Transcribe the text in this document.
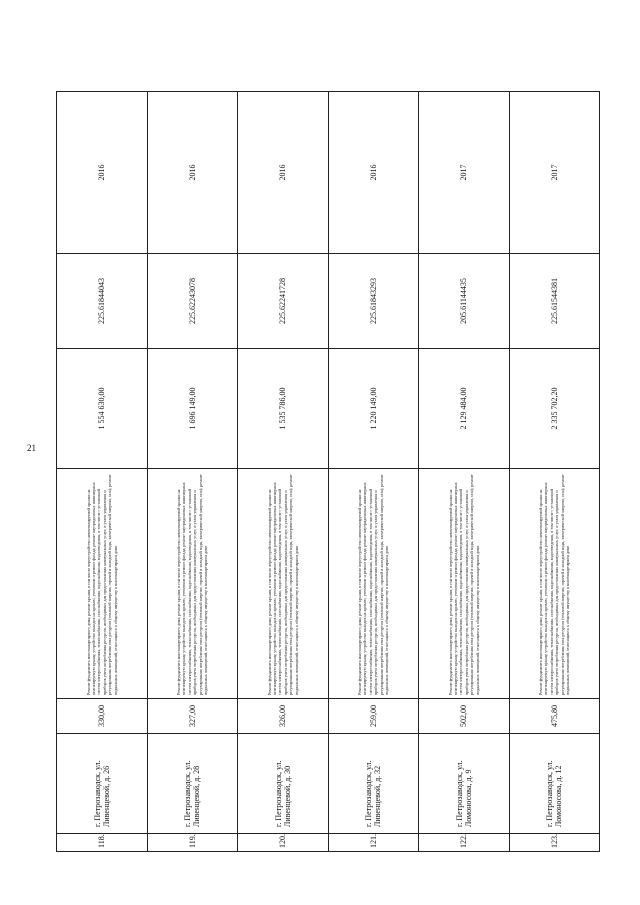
21
118.	г. Петрозаводск, ул. Ливенцевой, д. 26	330,00	Ремонт фундамента многоквартирного дома; ремонт крыши, в том числе переустройство невентилируемой крыши на вентилируемую крышу, устройство выходов на кровлю, утепление и ремонт фасада; ремонт внутридомовых инженерных систем электроснабжения, теплоснабжения, газоснабжения, водоснабжения, водоотведения, в том числе с установкой приборов учета потребления ресурсов, необходимых для предоставления коммунальных услуг, и узлов управления и регулирования потребления этих ресурсов (тепловой энергии, горячей и холодной воды, электрической энергии, газа); ремонт подвальных помещений, относящихся к общему имуществу в многоквартирном доме	1 554 630,00	225.61844043	2016
119.	г. Петрозаводск, ул. Ливенцевой, д. 28	327,00	Ремонт фундамента многоквартирного дома; ремонт крыши, в том числе переустройство невентилируемой крыши на вентилируемую крышу, устройство выходов на кровлю, утепление и ремонт фасада; ремонт внутридомовых инженерных систем электроснабжения, теплоснабжения, газоснабжения, водоснабжения, водоотведения, в том числе с установкой приборов учета потребления ресурсов, необходимых для предоставления коммунальных услуг, и узлов управления и регулирования потребления этих ресурсов (тепловой энергии, горячей и холодной воды, электрической энергии, газа); ремонт подвальных помещений, относящихся к общему имуществу в многоквартирном доме	1 696 149,00	225.62243078	2016
120.	г. Петрозаводск, ул. Ливенцевой, д. 30	326,00	Ремонт фундамента многоквартирного дома; ремонт крыши, в том числе переустройство невентилируемой крыши на вентилируемую крышу, устройство выходов на кровлю, утепление и ремонт фасада; ремонт внутридомовых инженерных систем электроснабжения, теплоснабжения, газоснабжения, водоснабжения, водоотведения, в том числе с установкой приборов учета потребления ресурсов, необходимых для предоставления коммунальных услуг, и узлов управления и регулирования потребления этих ресурсов (тепловой энергии, горячей и холодной воды, электрической энергии, газа); ремонт подвальных помещений, относящихся к общему имуществу в многоквартирном доме	1 535 786,00	225.62241728	2016
121.	г. Петрозаводск, ул. Ливенцевой, д. 32	259,00	Ремонт фундамента многоквартирного дома; ремонт крыши, в том числе переустройство невентилируемой крыши на вентилируемую крышу, устройство выходов на кровлю, утепление и ремонт фасада; ремонт внутридомовых инженерных систем электроснабжения, теплоснабжения, газоснабжения, водоснабжения, водоотведения, в том числе с установкой приборов учета потребления ресурсов, необходимых для предоставления коммунальных услуг, и узлов управления и регулирования потребления этих ресурсов (тепловой энергии, горячей и холодной воды, электрической энергии, газа); ремонт подвальных помещений, относящихся к общему имуществу в многоквартирном доме	1 220 149,00	225.61843293	2016
122.	г. Петрозаводск, ул. Ломоносова, д. 9	502,00	Ремонт фундамента многоквартирного дома; ремонт крыши, в том числе переустройство невентилируемой крыши на вентилируемую крышу, устройство выходов на кровлю, утепление и ремонт фасада; ремонт внутридомовых инженерных систем электроснабжения, теплоснабжения, газоснабжения, водоснабжения, водоотведения, в том числе с установкой приборов учета потребления ресурсов, необходимых для предоставления коммунальных услуг, и узлов управления и регулирования потребления этих ресурсов (тепловой энергии, горячей и холодной воды, электрической энергии, газа); ремонт подвальных помещений, относящихся к общему имуществу в многоквартирном доме	2 129 484,00	205.61144435	2017
123.	г. Петрозаводск, ул. Ломоносова, д. 12	475,80	Ремонт фундамента многоквартирного дома; ремонт крыши, в том числе переустройство невентилируемой крыши на вентилируемую крышу, устройство выходов на кровлю, утепление и ремонт фасада; ремонт внутридомовых инженерных систем электроснабжения, теплоснабжения, газоснабжения, водоснабжения, водоотведения, в том числе с установкой приборов учета потребления ресурсов, необходимых для предоставления коммунальных услуг, и узлов управления и регулирования потребления этих ресурсов (тепловой энергии, горячей и холодной воды, электрической энергии, газа); ремонт подвальных помещений, относящихся к общему имуществу в многоквартирном доме	2 335 702,20	225.61544381	2017
